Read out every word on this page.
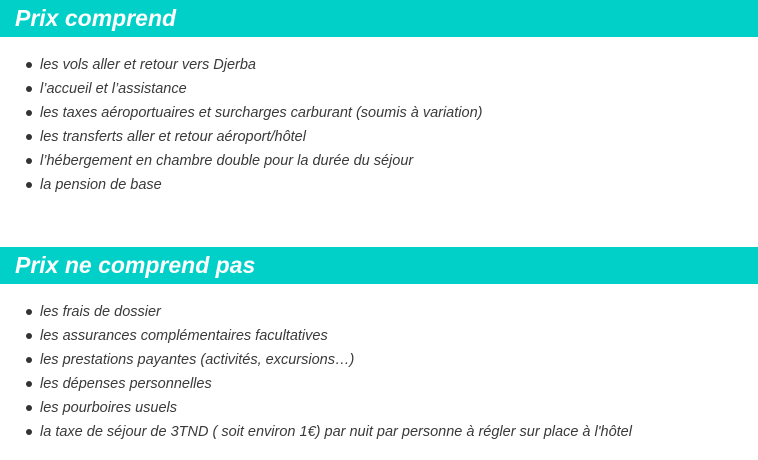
Prix comprend
les vols aller et retour vers Djerba
l’accueil et l’assistance
les taxes aéroportuaires et surcharges carburant (soumis à variation)
les transferts aller et retour aéroport/hôtel
l’hébergement en chambre double pour la durée du séjour
la pension de base
Prix ne comprend pas
les frais de dossier
les assurances complémentaires facultatives
les prestations payantes (activités, excursions…)
les dépenses personnelles
les pourboires usuels
la taxe de séjour de 3TND ( soit environ 1€) par nuit par personne à régler sur place à l'hôtel
